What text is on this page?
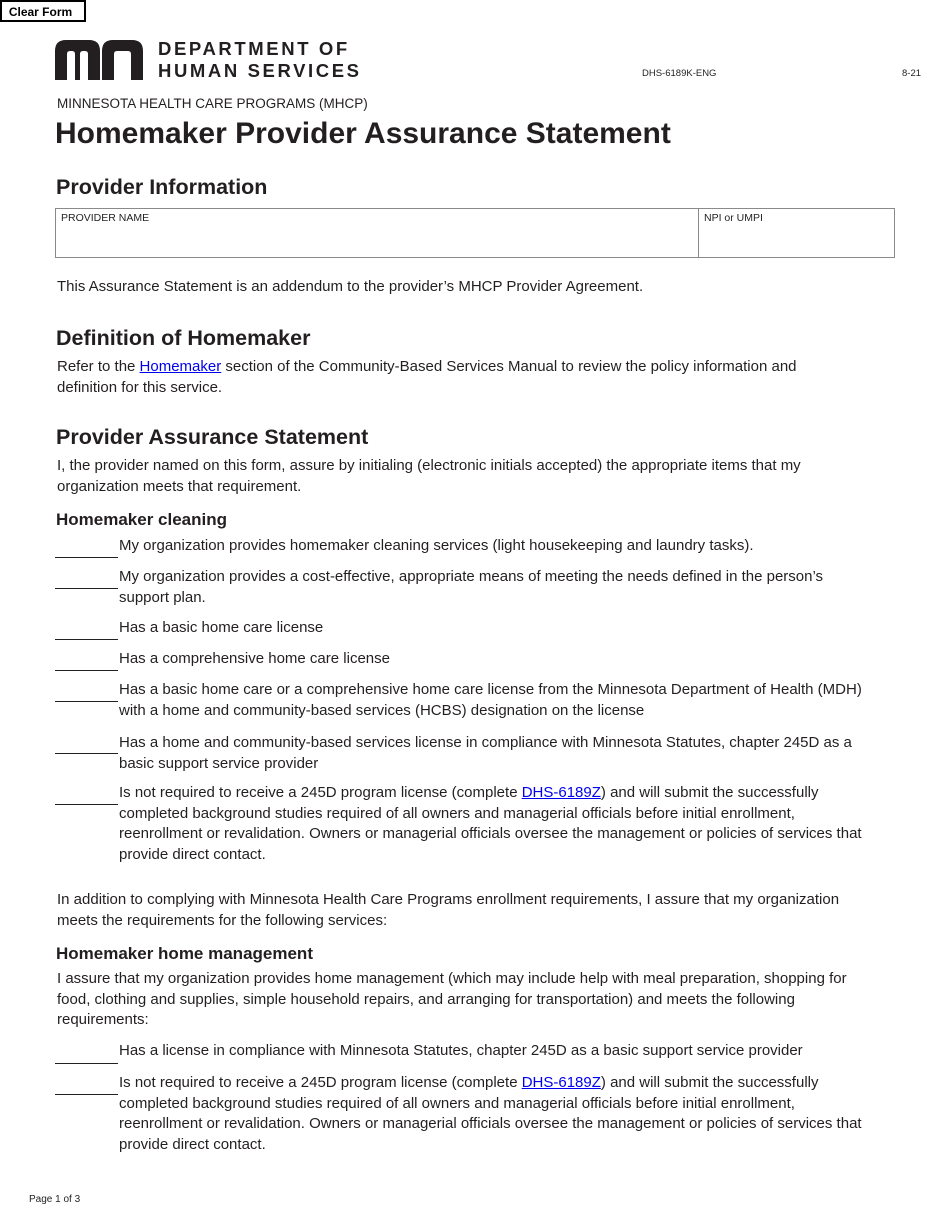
Clear Form
DEPARTMENT OF
HUMAN SERVICES	DHS-6189K-ENG	8-21
MINNESOTA HEALTH CARE PROGRAMS (MHCP)
Homemaker Provider Assurance Statement
Provider Information
PROVIDER NAME	NPI or UMPI
This Assurance Statement is an addendum to the provider’s MHCP Provider Agreement.
Definition of Homemaker
Refer to the Homemaker section of the Community-Based Services Manual to review the policy information and definition for this service.
Provider Assurance Statement
I, the provider named on this form, assure by initialing (electronic initials accepted) the appropriate items that my organization meets that requirement.
Homemaker cleaning
My organization provides homemaker cleaning services (light housekeeping and laundry tasks).
My organization provides a cost-effective, appropriate means of meeting the needs defined in the person’s support plan.
Has a basic home care license
Has a comprehensive home care license
Has a basic home care or a comprehensive home care license from the Minnesota Department of Health (MDH) with a home and community-based services (HCBS) designation on the license
Has a home and community-based services license in compliance with Minnesota Statutes, chapter 245D as a basic support service provider
Is not required to receive a 245D program license (complete DHS-6189Z) and will submit the successfully completed background studies required of all owners and managerial officials before initial enrollment, reenrollment or revalidation. Owners or managerial officials oversee the management or policies of services that provide direct contact.
In addition to complying with Minnesota Health Care Programs enrollment requirements, I assure that my organization meets the requirements for the following services:
Homemaker home management
I assure that my organization provides home management (which may include help with meal preparation, shopping for food, clothing and supplies, simple household repairs, and arranging for transportation) and meets the following requirements:
Has a license in compliance with Minnesota Statutes, chapter 245D as a basic support service provider
Is not required to receive a 245D program license (complete DHS-6189Z) and will submit the successfully completed background studies required of all owners and managerial officials before initial enrollment, reenrollment or revalidation. Owners or managerial officials oversee the management or policies of services that provide direct contact.
Page 1 of 3
